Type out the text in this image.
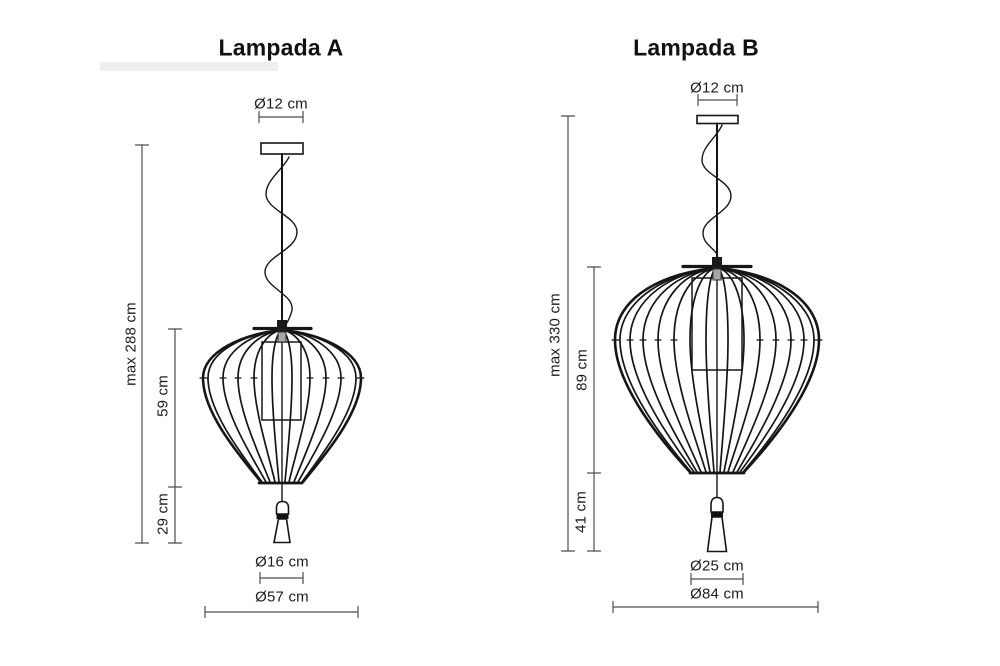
Lampada A	Lampada B
Ø12 cm
max 288 cm
59 cm
29 cm
Ø16 cm
Ø57 cm
Ø12 cm
max 330 cm 89 cm
41 cm
Ø25 cm
Ø84 cm
